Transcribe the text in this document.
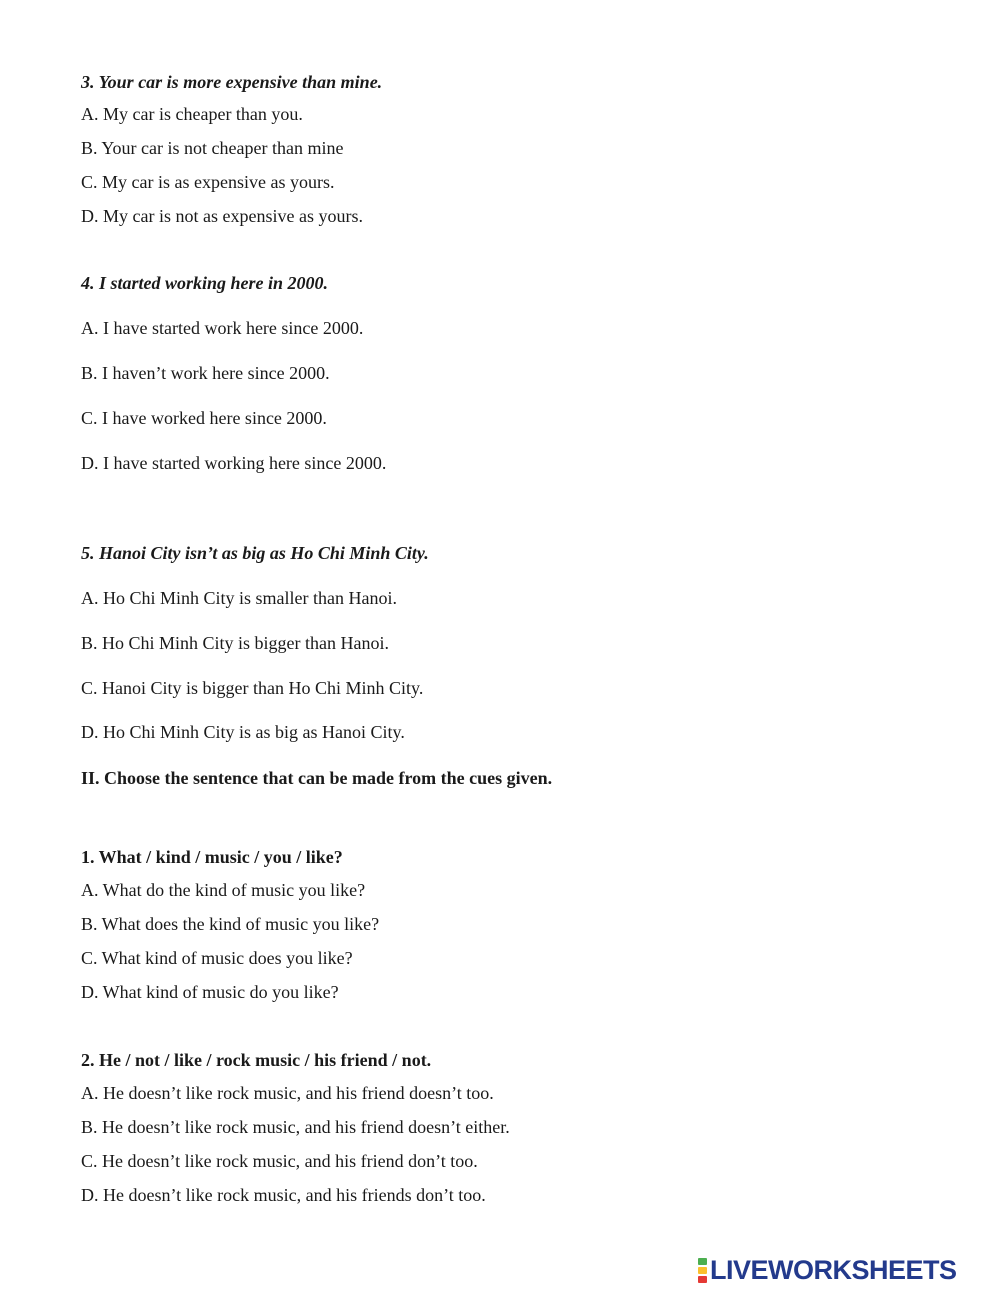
3. Your car is more expensive than mine.
A. My car is cheaper than you.
B. Your car is not cheaper than mine
C. My car is as expensive as yours.
D. My car is not as expensive as yours.
4. I started working here in 2000.
A. I have started work here since 2000.
B. I haven’t work here since 2000.
C. I have worked here since 2000.
D. I have started working here since 2000.
5. Hanoi City isn’t as big as Ho Chi Minh City.
A. Ho Chi Minh City is smaller than Hanoi.
B. Ho Chi Minh City is bigger than Hanoi.
C. Hanoi City is bigger than Ho Chi Minh City.
D. Ho Chi Minh City is as big as Hanoi City.
II. Choose the sentence that can be made from the cues given.
1. What / kind / music / you / like?
A. What do the kind of music you like?
B. What does the kind of music you like?
C. What kind of music does you like?
D. What kind of music do you like?
2. He / not / like / rock music / his friend / not.
A. He doesn’t like rock music, and his friend doesn’t too.
B. He doesn’t like rock music, and his friend doesn’t either.
C. He doesn’t like rock music, and his friend don’t too.
D. He doesn’t like rock music, and his friends don’t too.
LIVEWORKSHEETS
